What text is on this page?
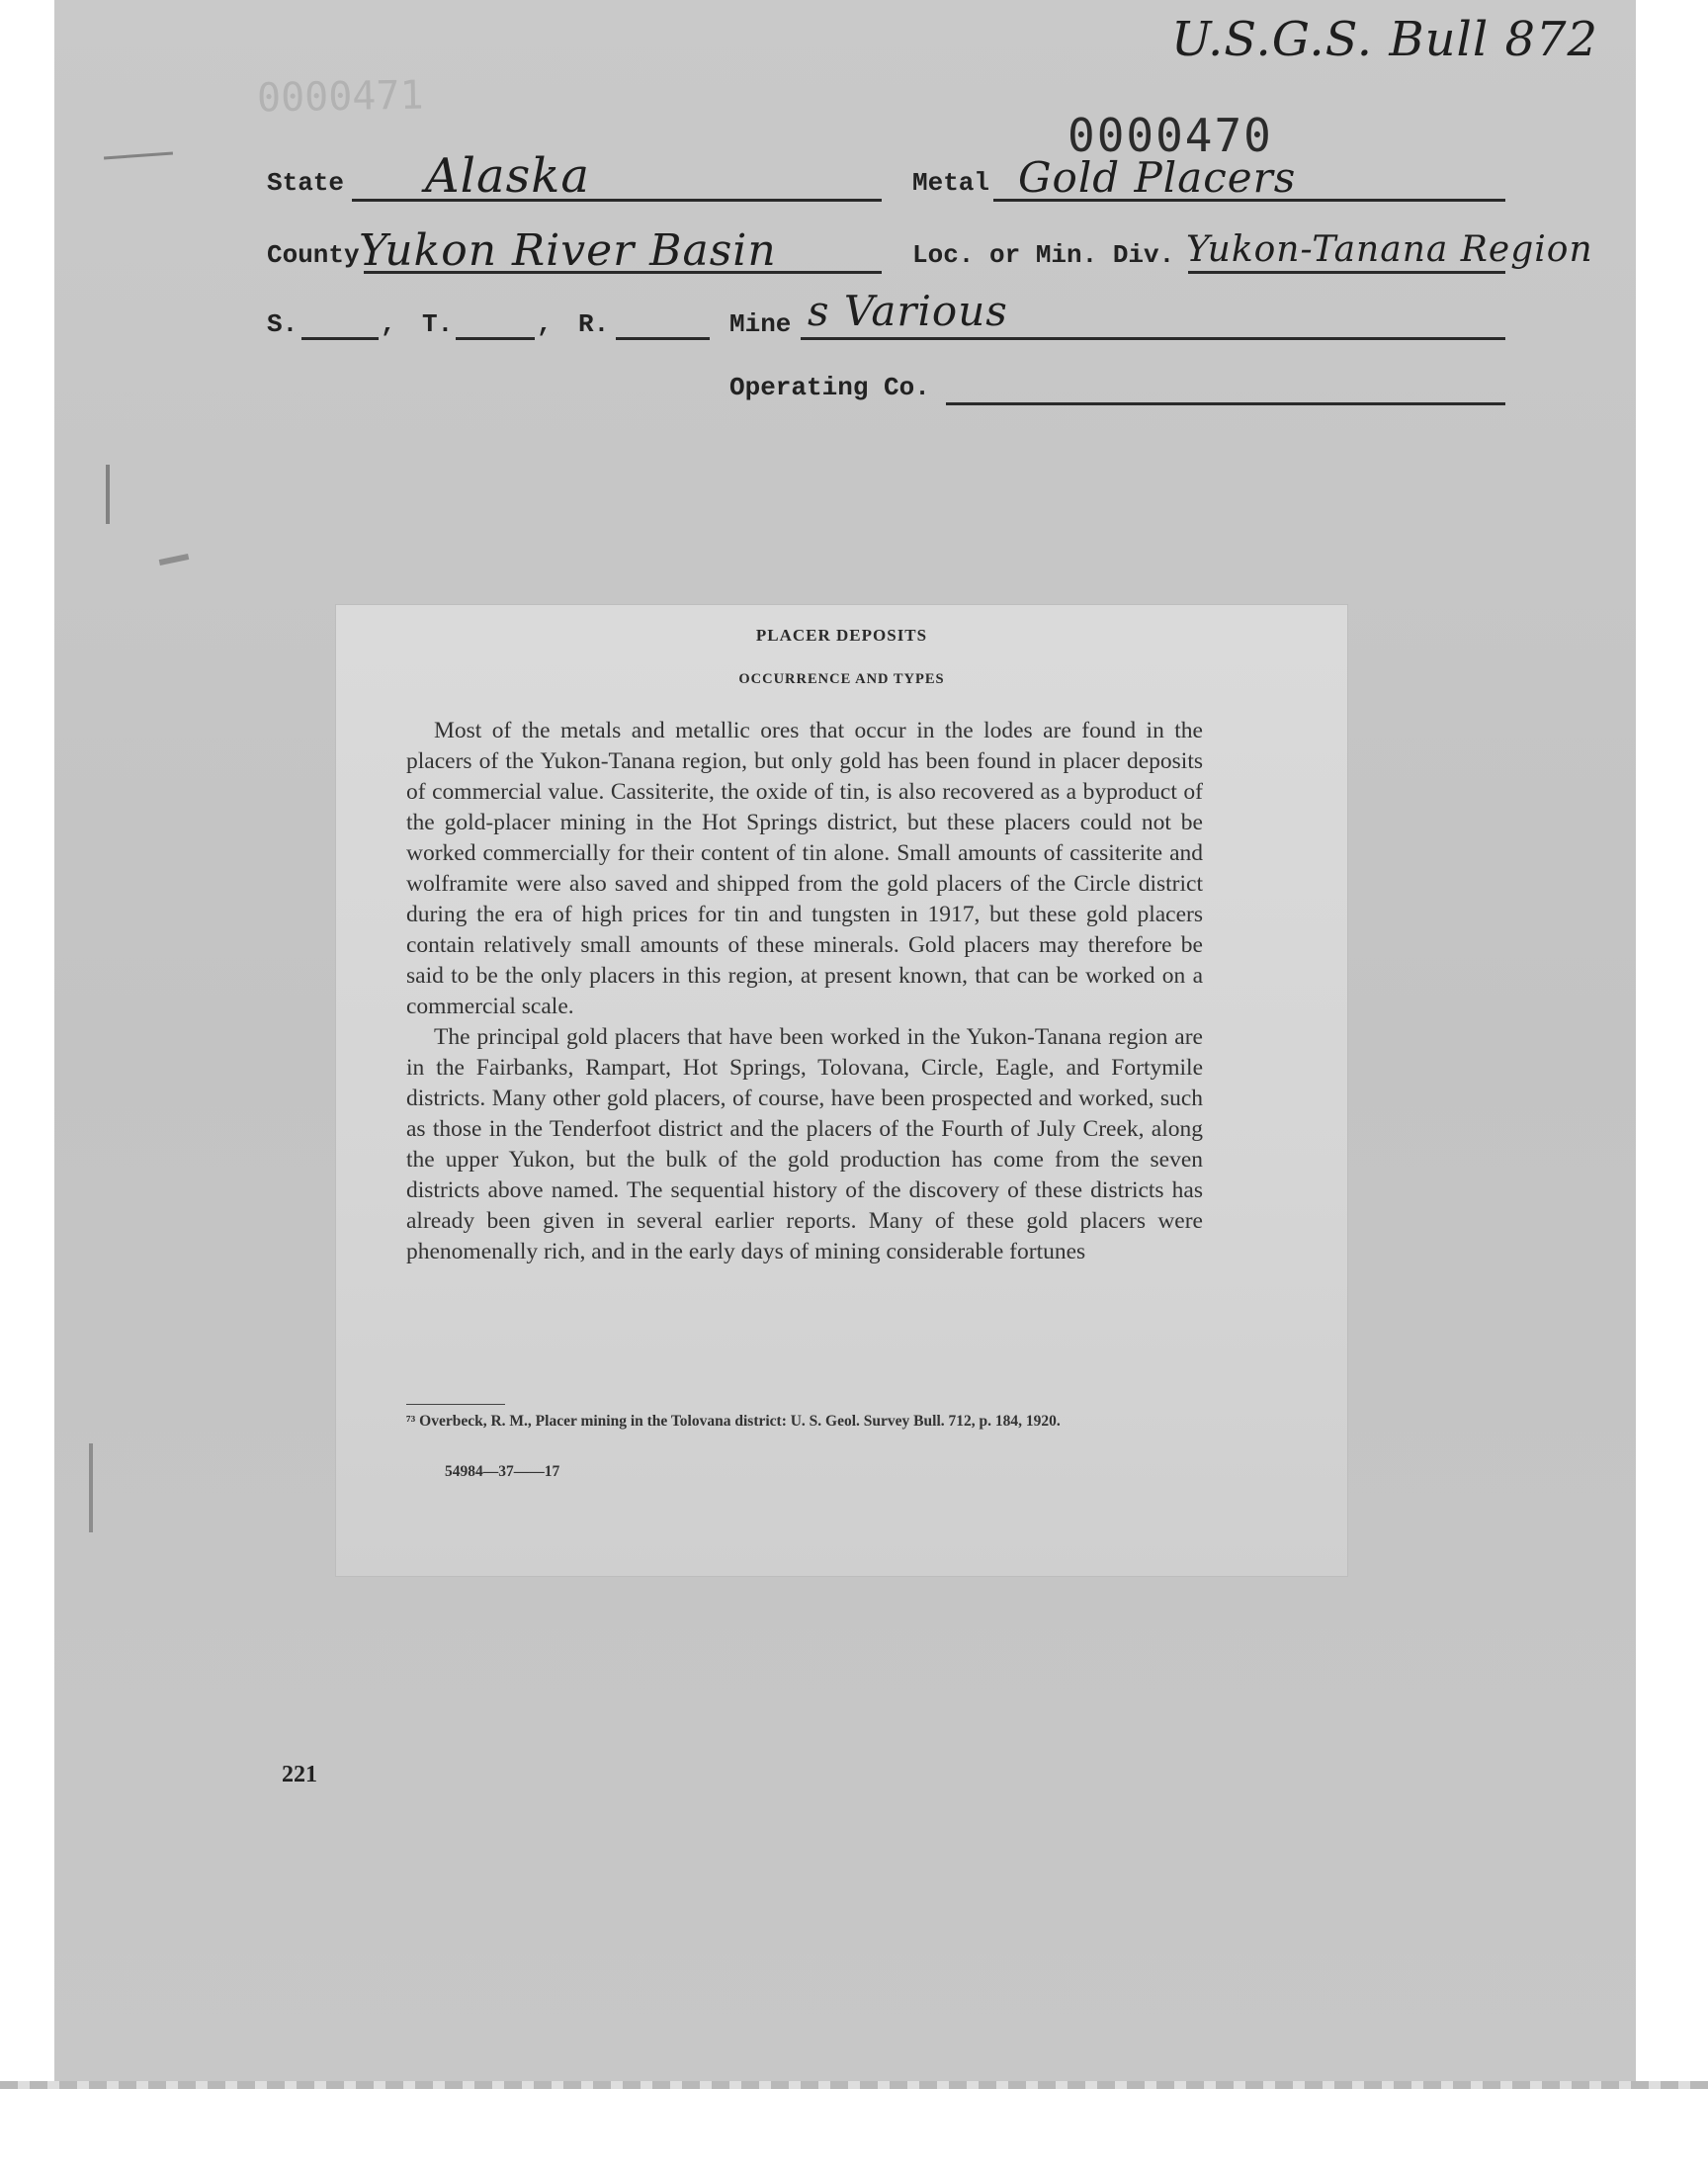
U.S.G.S. Bull 872
0000471
0000470
State Alaska	Metal Gold Placers
County Yukon River Basin	Loc. or Min. Div. Yukon-Tanana Region
S.	, T.	, R.	Mine s Various
Operating Co.
PLACER DEPOSITS
OCCURRENCE AND TYPES

Most of the metals and metallic ores that occur in the lodes are found in the placers of the Yukon-Tanana region, but only gold has been found in placer deposits of commercial value. Cassiterite, the oxide of tin, is also recovered as a byproduct of the gold-placer mining in the Hot Springs district, but these placers could not be worked commercially for their content of tin alone. Small amounts of cassiterite and wolframite were also saved and shipped from the gold placers of the Circle district during the era of high prices for tin and tungsten in 1917, but these gold placers contain relatively small amounts of these minerals. Gold placers may therefore be said to be the only placers in this region, at present known, that can be worked on a commercial scale.

The principal gold placers that have been worked in the Yukon-Tanana region are in the Fairbanks, Rampart, Hot Springs, Tolovana, Circle, Eagle, and Fortymile districts. Many other gold placers, of course, have been prospected and worked, such as those in the Tenderfoot district and the placers of the Fourth of July Creek, along the upper Yukon, but the bulk of the gold production has come from the seven districts above named. The sequential history of the discovery of these districts has already been given in several earlier reports. Many of these gold placers were phenomenally rich, and in the early days of mining considerable fortunes

⁷³ Overbeck, R. M., Placer mining in the Tolovana district: U. S. Geol. Survey Bull. 712, p. 184, 1920.
54984—37——17
221
